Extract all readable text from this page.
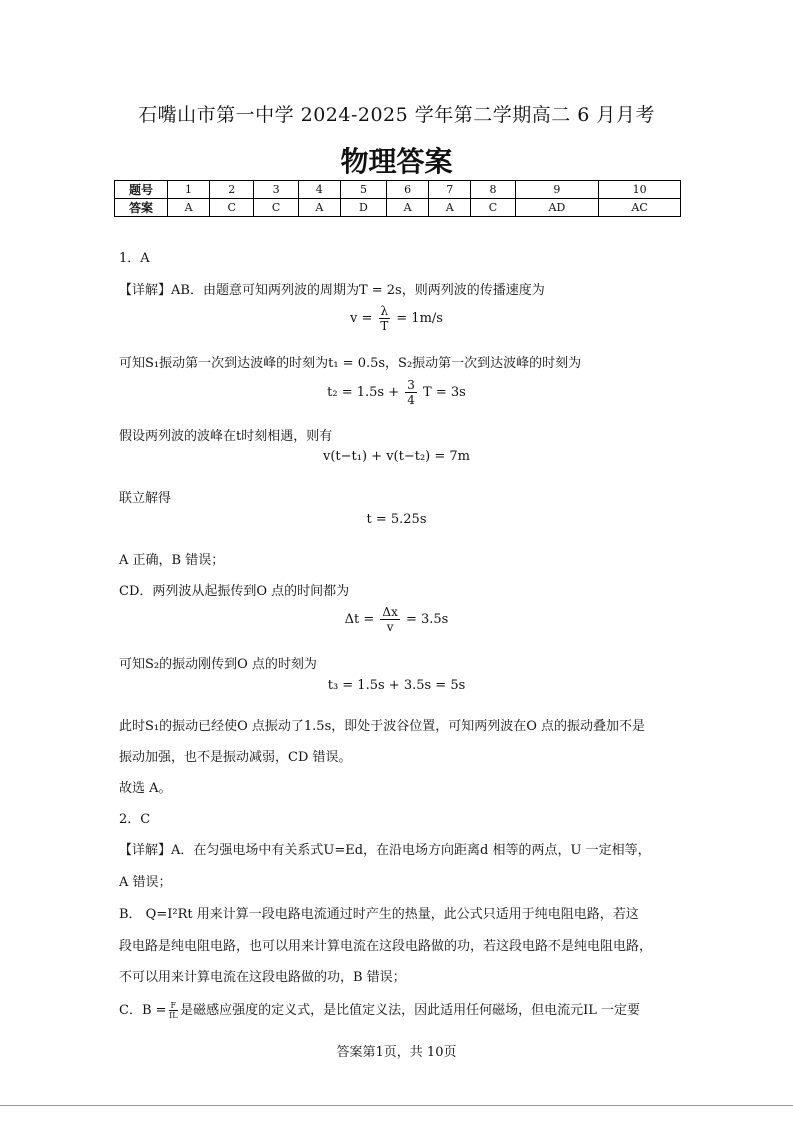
石嘴山市第一中学 2024-2025 学年第二学期高二 6 月月考
物理答案
题号	1	2	3	4	5	6	7	8	9	10
答案	A	C	C	A	D	A	A	C	AD	AC
1．A
【详解】AB．由题意可知两列波的周期为T = 2s，则两列波的传播速度为
$v = \frac{\lambda}{T} = 1m/s$
可知S₁振动第一次到达波峰的时刻为t₁ = 0.5s，S₂振动第一次到达波峰的时刻为
$t_2 = 1.5s + \frac{3}{4}$ T = 3s
假设两列波的波峰在t时刻相遇，则有
v(t−t₁) + v(t−t₂) = 7m
联立解得
t = 5.25s
A 正确，B 错误；
CD．两列波从起振传到O 点的时间都为
$\Delta t = \frac{\Delta x}{v} = 3.5s$
可知S₂的振动刚传到O 点的时刻为
t₃ = 1.5s + 3.5s = 5s
此时S₁的振动已经使O 点振动了1.5s，即处于波谷位置，可知两列波在O 点的振动叠加不是
振动加强，也不是振动减弱，CD 错误。
故选 A。
2．C
【详解】A．在匀强电场中有关系式U=Ed，在沿电场方向距离d 相等的两点，U 一定相等，
A 错误；
B． Q=I²Rt 用来计算一段电路电流通过时产生的热量，此公式只适用于纯电阻电路，若这
段电路是纯电阻电路，也可以用来计算电流在这段电路做的功，若这段电路不是纯电阻电路，
不可以用来计算电流在这段电路做的功，B 错误；
C．$B = \frac{F}{IL}$ 是磁感应强度的定义式，是比值定义法，因此适用任何磁场，但电流元IL 一定要
答案第1页，共 10页
